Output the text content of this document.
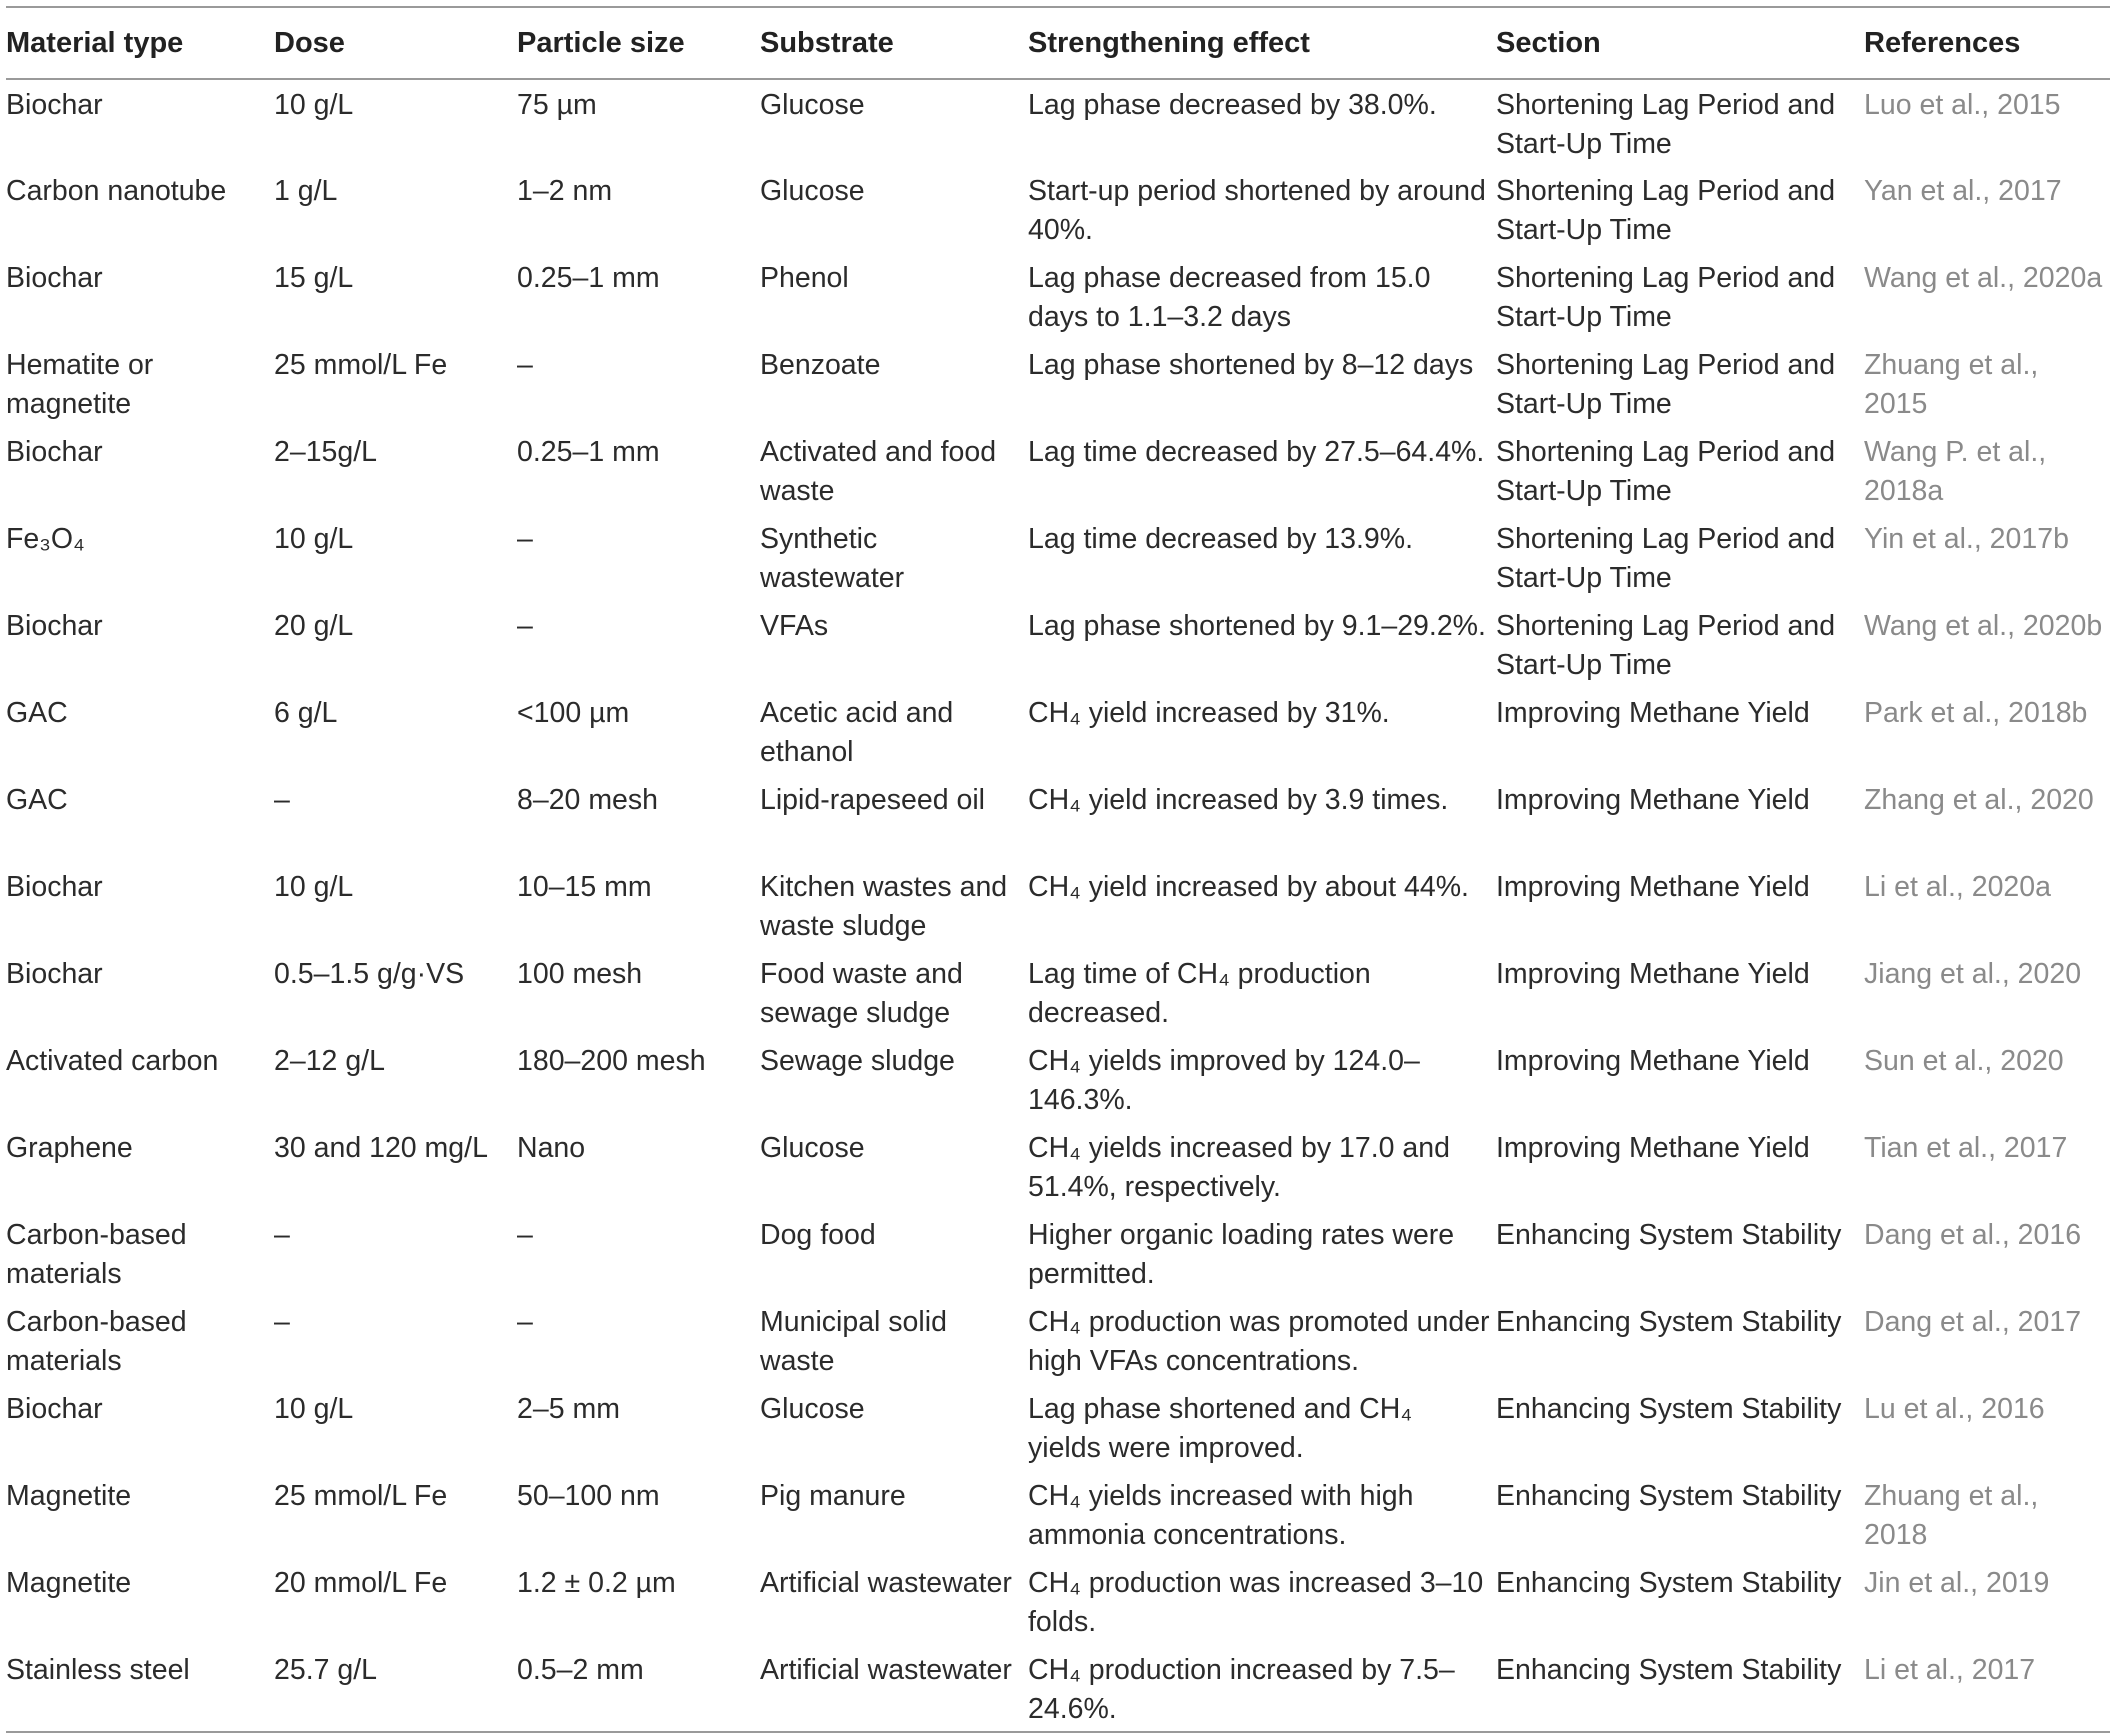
Material type	Dose	Particle size	Substrate	Strengthening effect	Section	References
Biochar	10 g/L	75 µm	Glucose	Lag phase decreased by 38.0%.	Shortening Lag Period and Start-Up Time	Luo et al., 2015
Carbon nanotube	1 g/L	1–2 nm	Glucose	Start-up period shortened by around 40%.	Shortening Lag Period and Start-Up Time	Yan et al., 2017
Biochar	15 g/L	0.25–1 mm	Phenol	Lag phase decreased from 15.0 days to 1.1–3.2 days	Shortening Lag Period and Start-Up Time	Wang et al., 2020a
Hematite or magnetite	25 mmol/L Fe	–	Benzoate	Lag phase shortened by 8–12 days	Shortening Lag Period and Start-Up Time	Zhuang et al., 2015
Biochar	2–15g/L	0.25–1 mm	Activated and food waste	Lag time decreased by 27.5–64.4%.	Shortening Lag Period and Start-Up Time	Wang P. et al., 2018a
Fe₃O₄	10 g/L	–	Synthetic wastewater	Lag time decreased by 13.9%.	Shortening Lag Period and Start-Up Time	Yin et al., 2017b
Biochar	20 g/L	–	VFAs	Lag phase shortened by 9.1–29.2%.	Shortening Lag Period and Start-Up Time	Wang et al., 2020b
GAC	6 g/L	<100 µm	Acetic acid and ethanol	CH₄ yield increased by 31%.	Improving Methane Yield	Park et al., 2018b
GAC	–	8–20 mesh	Lipid-rapeseed oil	CH₄ yield increased by 3.9 times.	Improving Methane Yield	Zhang et al., 2020
Biochar	10 g/L	10–15 mm	Kitchen wastes and waste sludge	CH₄ yield increased by about 44%.	Improving Methane Yield	Li et al., 2020a
Biochar	0.5–1.5 g/g·VS	100 mesh	Food waste and sewage sludge	Lag time of CH₄ production decreased.	Improving Methane Yield	Jiang et al., 2020
Activated carbon	2–12 g/L	180–200 mesh	Sewage sludge	CH₄ yields improved by 124.0–146.3%.	Improving Methane Yield	Sun et al., 2020
Graphene	30 and 120 mg/L	Nano	Glucose	CH₄ yields increased by 17.0 and 51.4%, respectively.	Improving Methane Yield	Tian et al., 2017
Carbon-based materials	–	–	Dog food	Higher organic loading rates were permitted.	Enhancing System Stability	Dang et al., 2016
Carbon-based materials	–	–	Municipal solid waste	CH₄ production was promoted under high VFAs concentrations.	Enhancing System Stability	Dang et al., 2017
Biochar	10 g/L	2–5 mm	Glucose	Lag phase shortened and CH₄ yields were improved.	Enhancing System Stability	Lu et al., 2016
Magnetite	25 mmol/L Fe	50–100 nm	Pig manure	CH₄ yields increased with high ammonia concentrations.	Enhancing System Stability	Zhuang et al., 2018
Magnetite	20 mmol/L Fe	1.2 ± 0.2 µm	Artificial wastewater	CH₄ production was increased 3–10 folds.	Enhancing System Stability	Jin et al., 2019
Stainless steel	25.7 g/L	0.5–2 mm	Artificial wastewater	CH₄ production increased by 7.5–24.6%.	Enhancing System Stability	Li et al., 2017
